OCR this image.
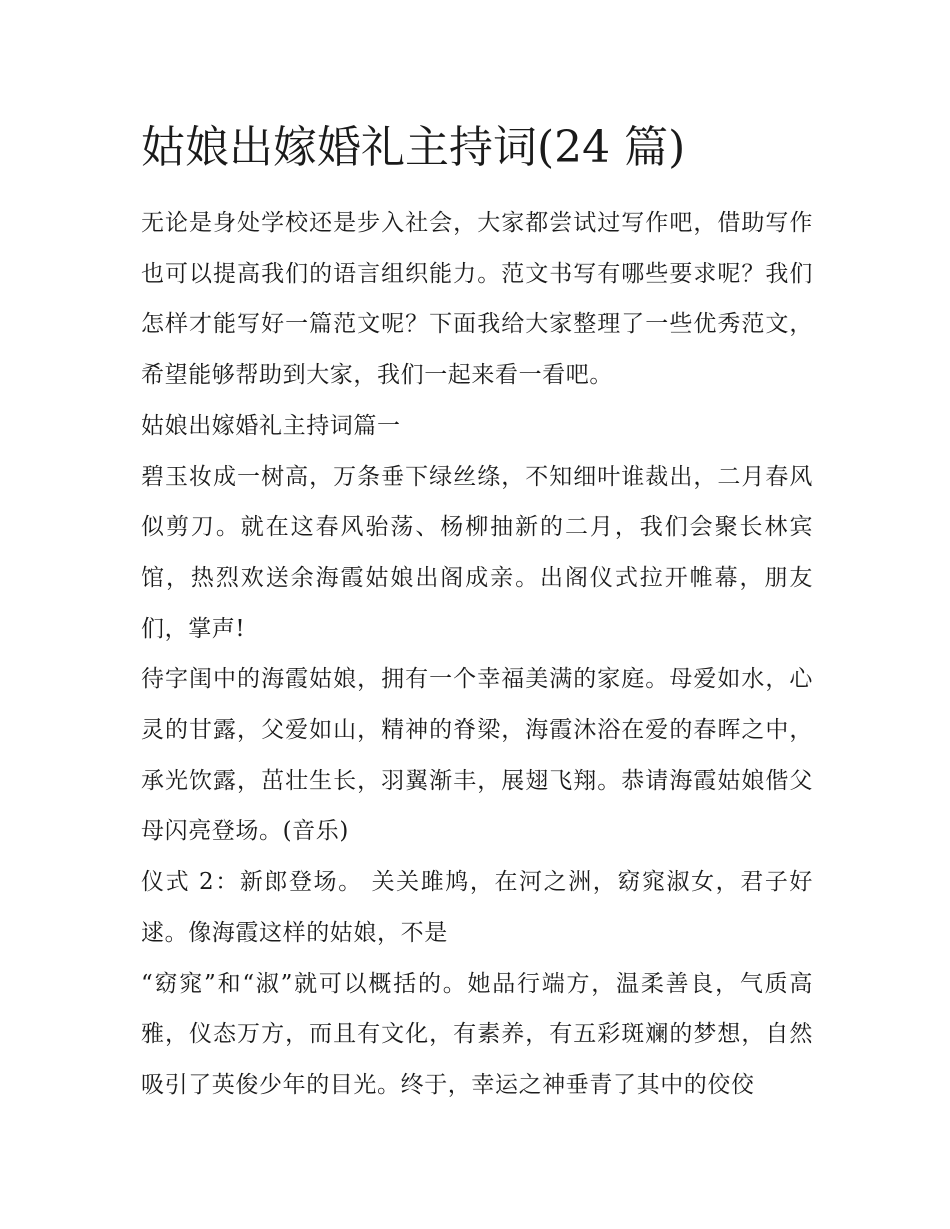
姑娘出嫁婚礼主持词(24 篇)

无论是身处学校还是步入社会，大家都尝试过写作吧，借助写作也可以提高我们的语言组织能力。范文书写有哪些要求呢？我们怎样才能写好一篇范文呢？下面我给大家整理了一些优秀范文，希望能够帮助到大家，我们一起来看一看吧。

姑娘出嫁婚礼主持词篇一

碧玉妆成一树高，万条垂下绿丝绦，不知细叶谁裁出，二月春风似剪刀。就在这春风骀荡、杨柳抽新的二月，我们会聚长林宾馆，热烈欢送余海霞姑娘出阁成亲。出阁仪式拉开帷幕，朋友们，掌声!

待字闺中的海霞姑娘，拥有一个幸福美满的家庭。母爱如水，心灵的甘露，父爱如山，精神的脊梁，海霞沐浴在爱的春晖之中，承光饮露，茁壮生长，羽翼渐丰，展翅飞翔。恭请海霞姑娘偕父母闪亮登场。(音乐)

仪式 2：新郎登场。 关关雎鸠，在河之洲，窈窕淑女，君子好逑。像海霞这样的姑娘，不是

“窈窕”和“淑”就可以概括的。她品行端方，温柔善良，气质高雅，仪态万方，而且有文化，有素养，有五彩斑斓的梦想，自然吸引了英俊少年的目光。终于，幸运之神垂青了其中的佼佼
